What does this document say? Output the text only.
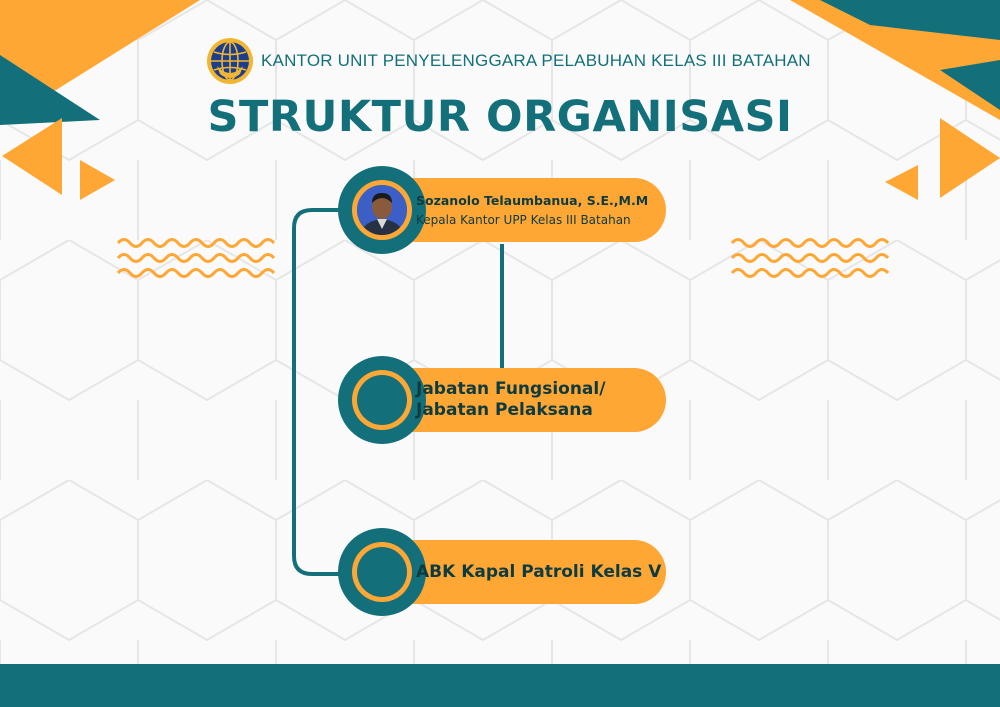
KANTOR UNIT PENYELENGGARA PELABUHAN KELAS III BATAHAN
STRUKTUR ORGANISASI
Sozanolo Telaumbanua, S.E.,M.M
Kepala Kantor UPP Kelas III Batahan
Jabatan Fungsional/
Jabatan Pelaksana
ABK Kapal Patroli Kelas V
